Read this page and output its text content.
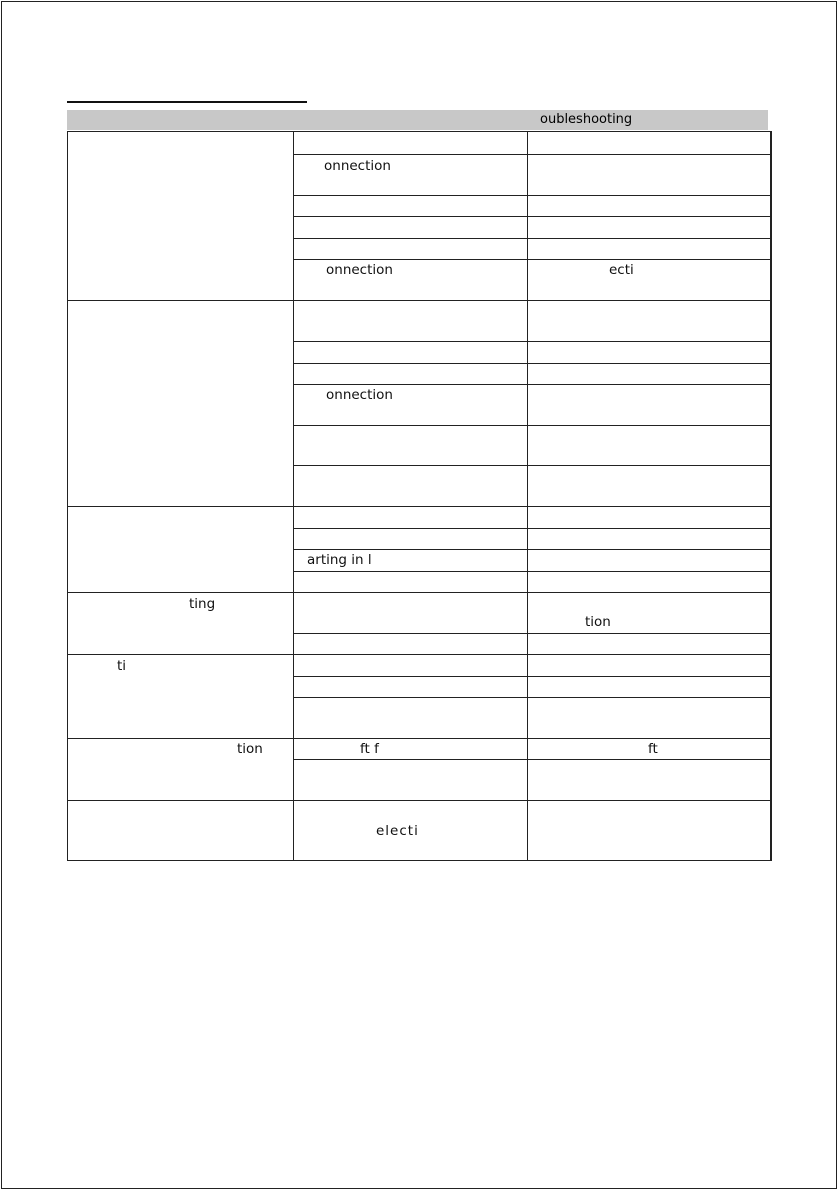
oubleshooting

	onnection	

	onnection	ecti

	onnection	

	arting in l	

ting		tion

ti		

tion	ft f	ft

	electi	
